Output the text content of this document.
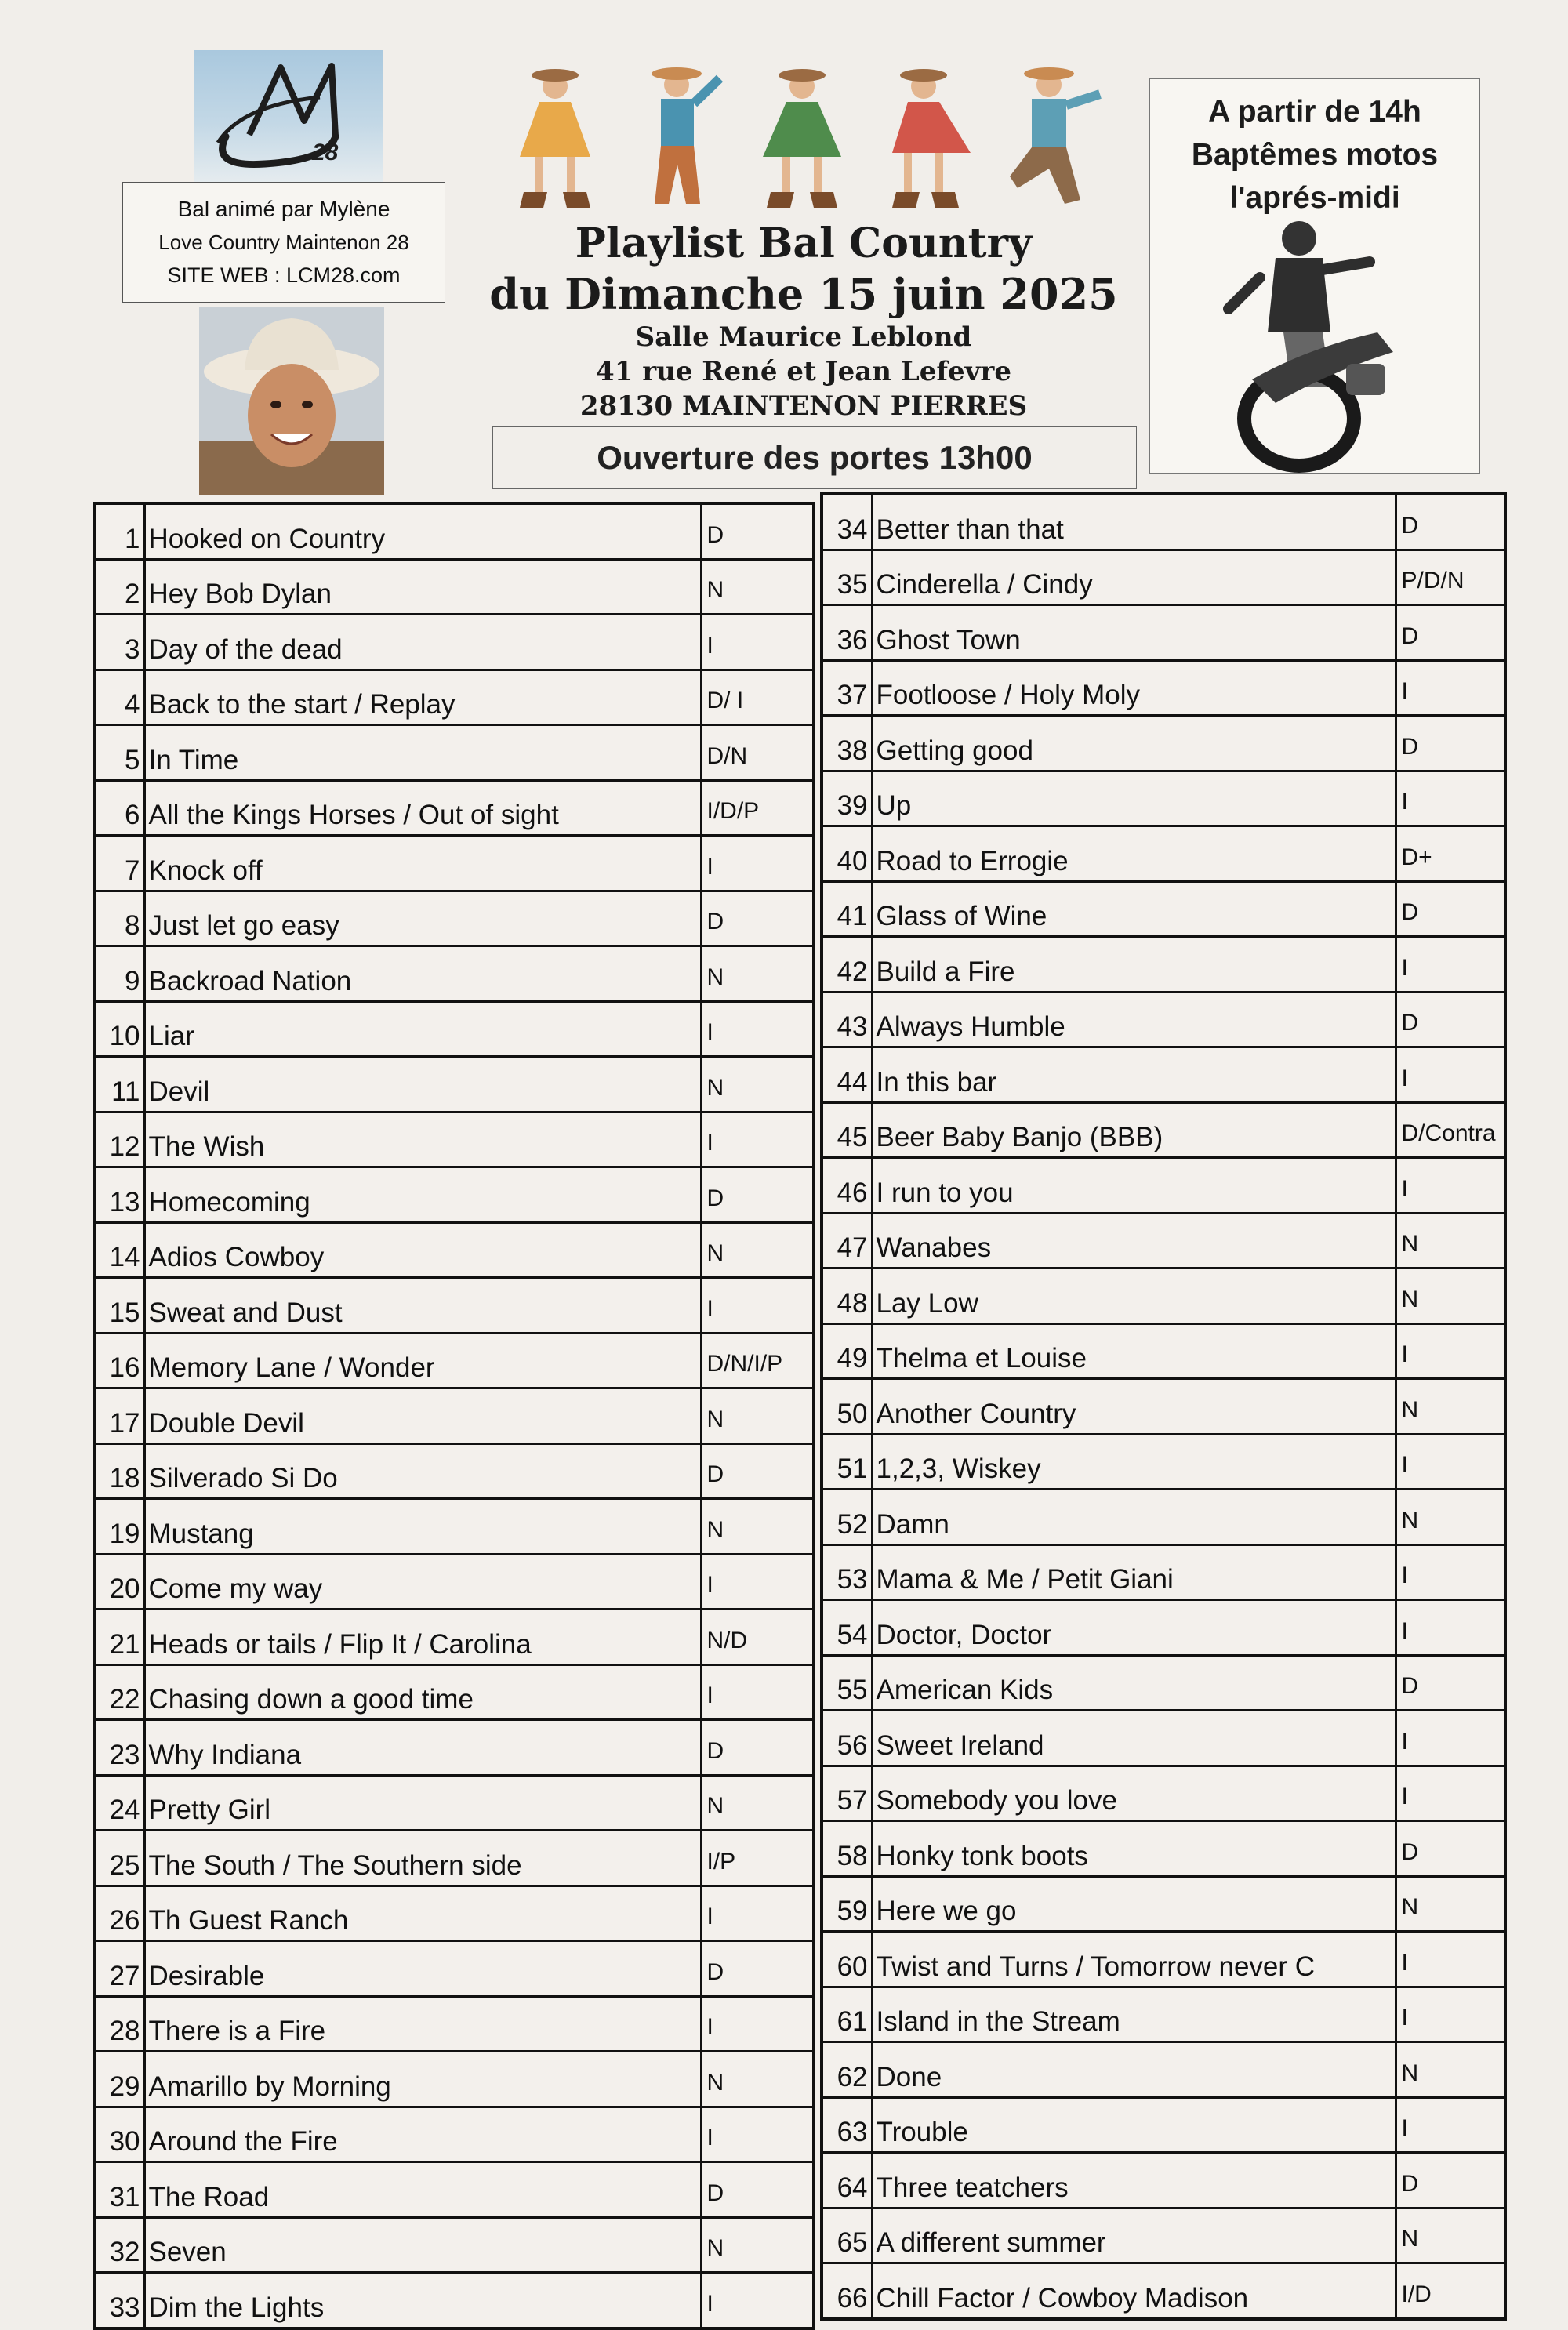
28
Bal animé par Mylène
Love Country Maintenon 28
SITE WEB : LCM28.com
Playlist Bal Country
du Dimanche 15 juin 2025
Salle Maurice Leblond
41 rue René et Jean Lefevre
28130 MAINTENON PIERRES
Ouverture des portes 13h00
A partir de 14h
Baptêmes motos
l'aprés-midi
1	Hooked on Country	D
2	Hey Bob Dylan	N
3	Day of the dead	I
4	Back to the start / Replay	D/ I
5	In Time	D/N
6	All the Kings Horses / Out of sight	I/D/P
7	Knock off	I
8	Just let go easy	D
9	Backroad Nation	N
10	Liar	I
11	Devil	N
12	The Wish	I
13	Homecoming	D
14	Adios Cowboy	N
15	Sweat and Dust	I
16	Memory Lane / Wonder	D/N/I/P
17	Double Devil	N
18	Silverado Si Do	D
19	Mustang	N
20	Come my way	I
21	Heads or tails / Flip It / Carolina	N/D
22	Chasing down a good time	I
23	Why Indiana	D
24	Pretty Girl	N
25	The South / The Southern side	I/P
26	Th Guest Ranch	I
27	Desirable	D
28	There is a Fire	I
29	Amarillo by Morning	N
30	Around the Fire	I
31	The Road	D
32	Seven	N
33	Dim the Lights	I
34	Better than that	D
35	Cinderella / Cindy	P/D/N
36	Ghost Town	D
37	Footloose / Holy Moly	I
38	Getting good	D
39	Up	I
40	Road to Errogie	D+
41	Glass of Wine	D
42	Build a Fire	I
43	Always Humble	D
44	In this bar	I
45	Beer Baby Banjo (BBB)	D/Contra
46	I run to you	I
47	Wanabes	N
48	Lay Low	N
49	Thelma et Louise	I
50	Another Country	N
51	1,2,3, Wiskey	I
52	Damn	N
53	Mama & Me / Petit Giani	I
54	Doctor, Doctor	I
55	American Kids	D
56	Sweet Ireland	I
57	Somebody you love	I
58	Honky tonk boots	D
59	Here we go	N
60	Twist and Turns / Tomorrow never C	I
61	Island in the Stream	I
62	Done	N
63	Trouble	I
64	Three teatchers	D
65	A different summer	N
66	Chill Factor / Cowboy Madison	I/D
